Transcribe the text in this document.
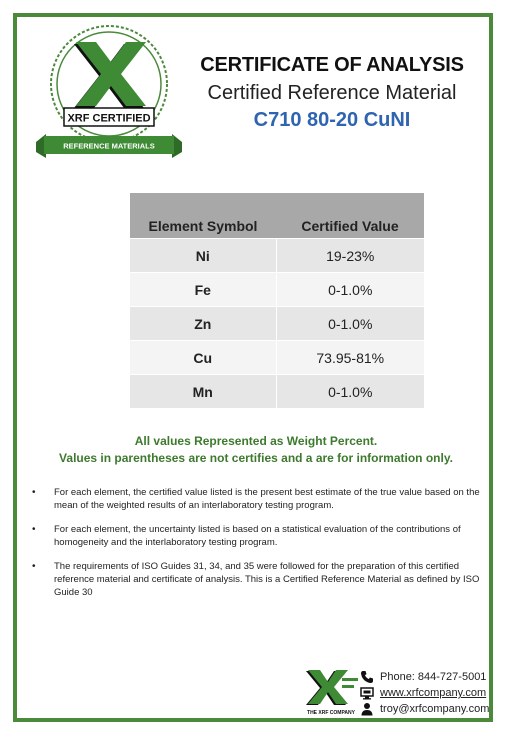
XRF CERTIFIED
REFERENCE MATERIALS
CERTIFICATE OF ANALYSIS
Certified Reference Material
C710 80-20 CuNI
Element Symbol	Certified Value
Ni	19-23%
Fe	0-1.0%
Zn	0-1.0%
Cu	73.95-81%
Mn	0-1.0%
All values Represented as Weight Percent.
Values in parentheses are not certifies and a are for information only.
• For each element, the certified value listed is the present best estimate of the true value based on the mean of the weighted results of an interlaboratory testing program.
• For each element, the uncertainty listed is based on a statistical evaluation of the contributions of homogeneity and the interlaboratory testing program.
• The requirements of ISO Guides 31, 34, and 35 were followed for the preparation of this certified reference material and certificate of analysis. This is a Certified Reference Material as defined by ISO Guide 30
THE XRF COMPANY
Phone: 844-727-5001
www.xrfcompany.com
troy@xrfcompany.com
